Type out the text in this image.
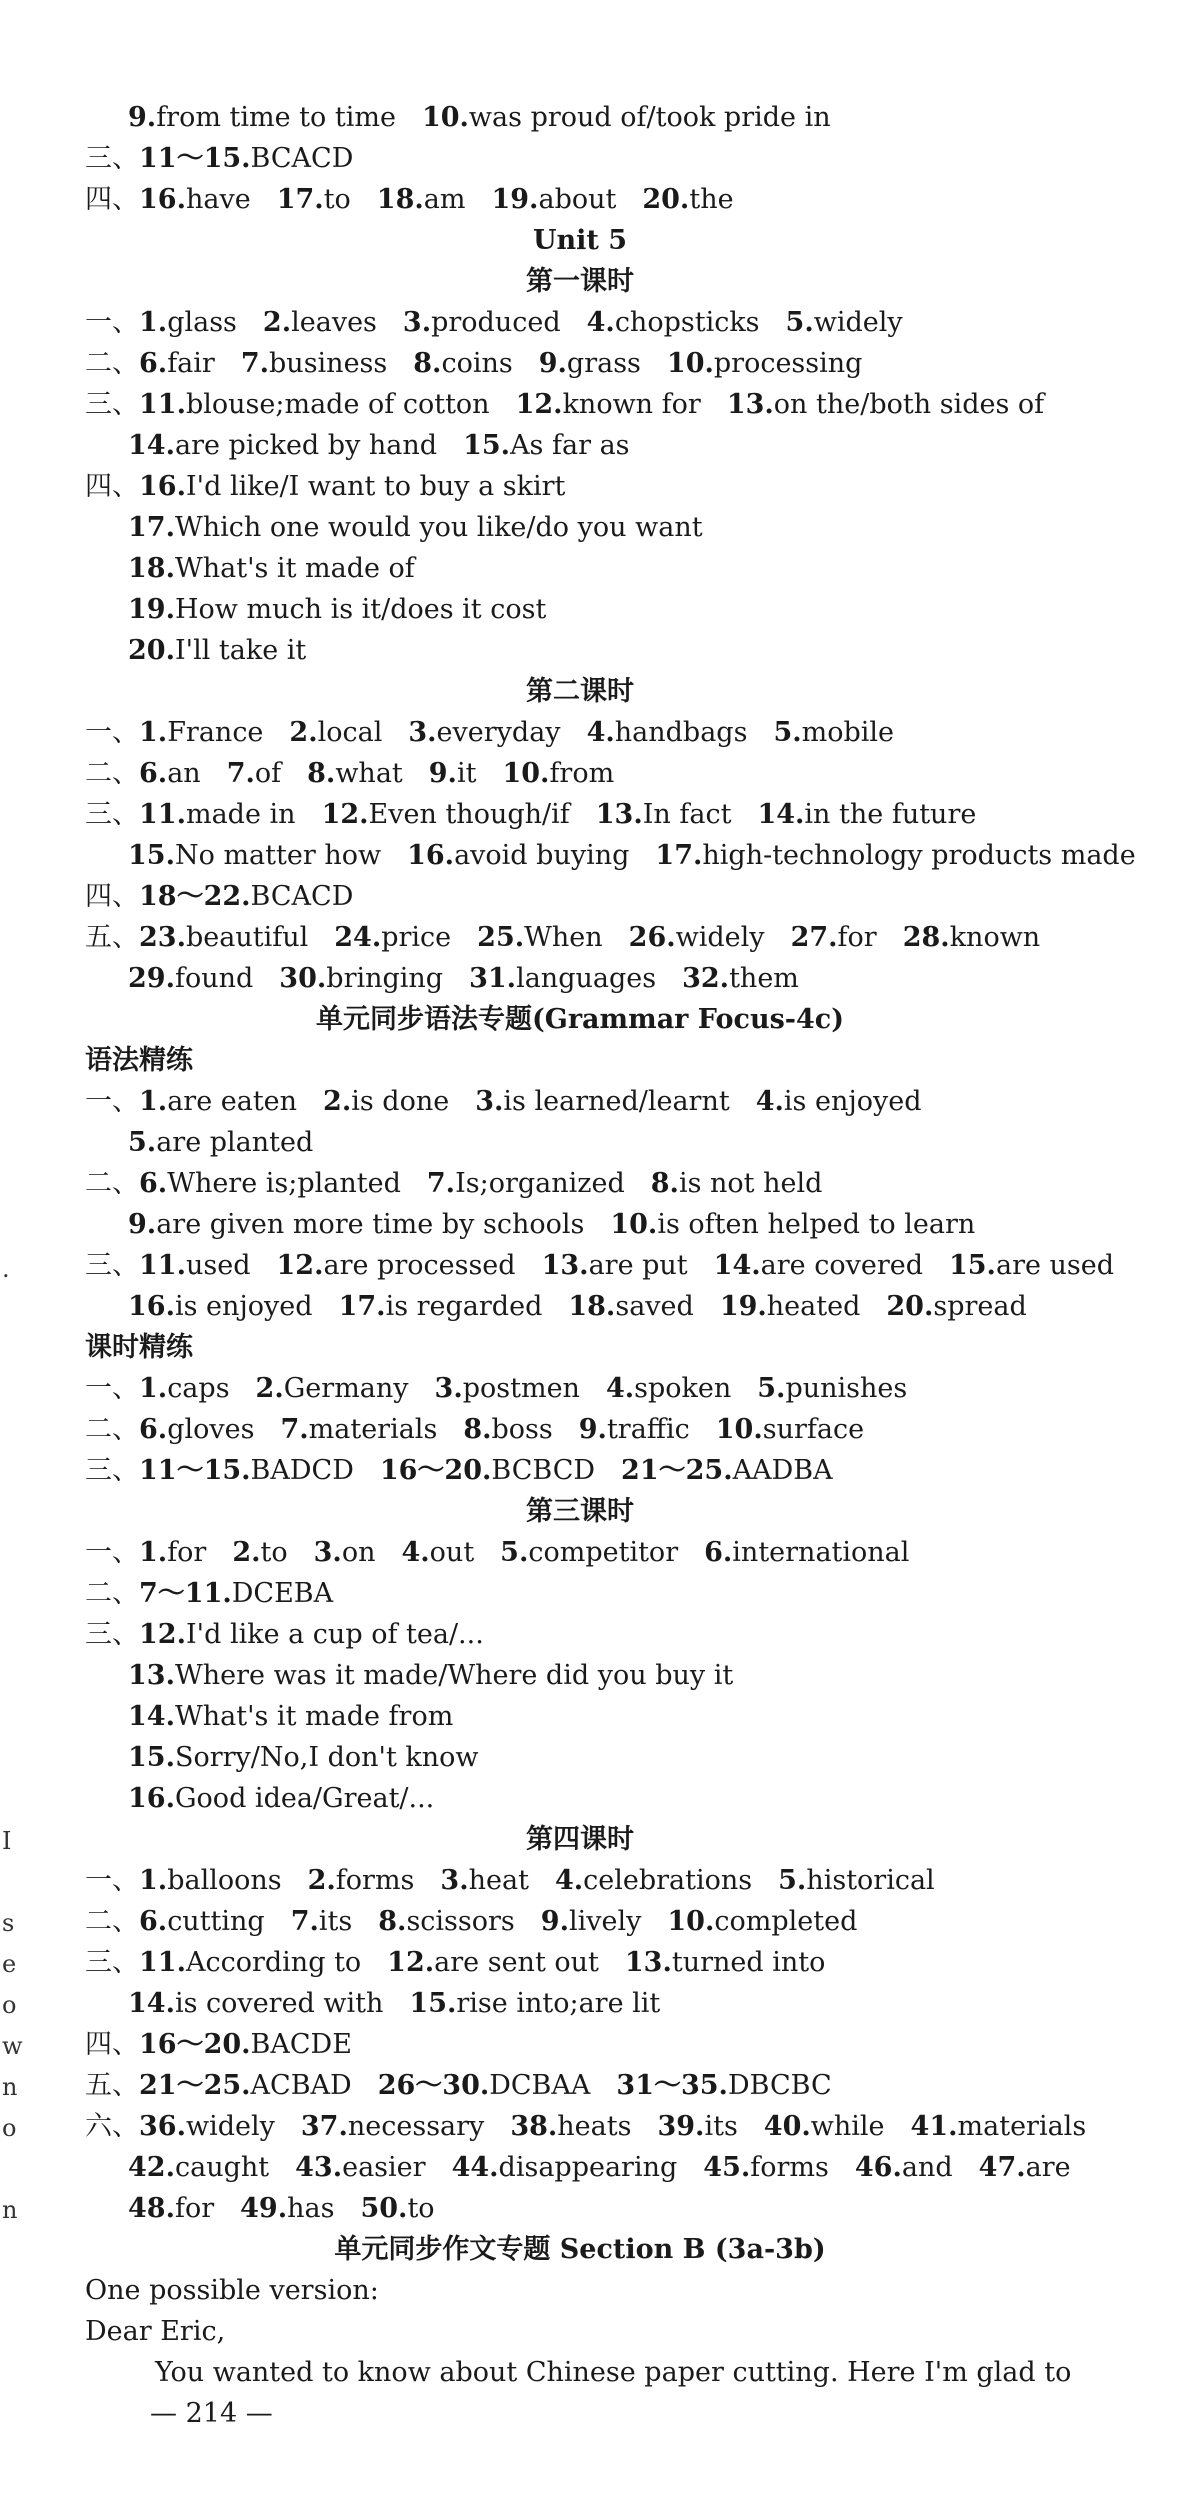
9.from time to time 10.was proud of/took pride in
三、11～15.BCACD
四、16.have 17.to 18.am 19.about 20.the
一、1.glass 2.leaves 3.produced 4.chopsticks 5.widely
二、6.fair 7.business 8.coins 9.grass 10.processing
三、11.blouse;made of cotton 12.known for 13.on the/both sides of
14.are picked by hand 15.As far as
四、16.I'd like/I want to buy a skirt
17.Which one would you like/do you want
18.What's it made of
19.How much is it/does it cost
20.I'll take it
一、1.France 2.local 3.everyday 4.handbags 5.mobile
二、6.an 7.of 8.what 9.it 10.from
三、11.made in 12.Even though/if 13.In fact 14.in the future
15.No matter how 16.avoid buying 17.high-technology products made
四、18～22.BCACD
五、23.beautiful 24.price 25.When 26.widely 27.for 28.known
29.found 30.bringing 31.languages 32.them
一、1.are eaten 2.is done 3.is learned/learnt 4.is enjoyed
5.are planted
二、6.Where is;planted 7.Is;organized 8.is not held
9.are given more time by schools 10.is often helped to learn
三、11.used 12.are processed 13.are put 14.are covered 15.are used
16.is enjoyed 17.is regarded 18.saved 19.heated 20.spread
一、1.caps 2.Germany 3.postmen 4.spoken 5.punishes
二、6.gloves 7.materials 8.boss 9.traffic 10.surface
三、11～15.BADCD 16～20.BCBCD 21～25.AADBA
一、1.for 2.to 3.on 4.out 5.competitor 6.international
二、7～11.DCEBA
三、12.I'd like a cup of tea/...
13.Where was it made/Where did you buy it
14.What's it made from
15.Sorry/No,I don't know
16.Good idea/Great/...
一、1.balloons 2.forms 3.heat 4.celebrations 5.historical
二、6.cutting 7.its 8.scissors 9.lively 10.completed
三、11.According to 12.are sent out 13.turned into
14.is covered with 15.rise into;are lit
四、16～20.BACDE
五、21～25.ACBAD 26～30.DCBAA 31～35.DBCBC
六、36.widely 37.necessary 38.heats 39.its 40.while 41.materials
42.caught 43.easier 44.disappearing 45.forms 46.and 47.are
48.for 49.has 50.to
Unit 5
第一课时
第二课时
单元同步语法专题(Grammar Focus-4c)
第三课时
第四课时
单元同步作文专题 Section B (3a-3b)
语法精练
课时精练
One possible version:
Dear Eric,
You wanted to know about Chinese paper cutting. Here I'm glad to
— 214 —
.
I
s
e
o
w
n
o
n
